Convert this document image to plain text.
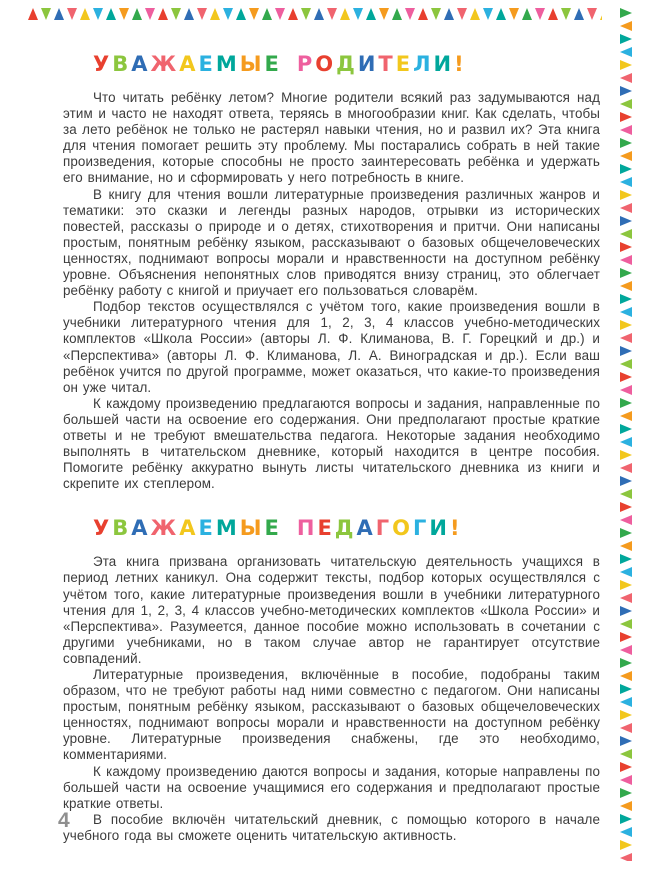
УВАЖАЕМЫЕ РОДИТЕЛИ!

Что читать ребёнку летом? Многие родители всякий раз задумываются над этим и часто не находят ответа, теряясь в многообразии книг. Как сделать, чтобы за лето ребёнок не только не растерял навыки чтения, но и развил их? Эта книга для чтения помогает решить эту проблему. Мы постарались собрать в ней такие произведения, которые способны не просто заинтересовать ребёнка и удержать его внимание, но и сформировать у него потребность в книге.

В книгу для чтения вошли литературные произведения различных жанров и тематики: это сказки и легенды разных народов, отрывки из исторических повестей, рассказы о природе и о детях, стихотворения и притчи. Они написаны простым, понятным ребёнку языком, рассказывают о базовых общечеловеческих ценностях, поднимают вопросы морали и нравственности на доступном ребёнку уровне. Объяснения непонятных слов приводятся внизу страниц, это облегчает ребёнку работу с книгой и приучает его пользоваться словарём.

Подбор текстов осуществлялся с учётом того, какие произведения вошли в учебники литературного чтения для 1, 2, 3, 4 классов учебно-методических комплектов «Школа России» (авторы Л. Ф. Климанова, В. Г. Горецкий и др.) и «Перспектива» (авторы Л. Ф. Климанова, Л. А. Виноградская и др.). Если ваш ребёнок учится по другой программе, может оказаться, что какие-то произведения он уже читал.

К каждому произведению предлагаются вопросы и задания, направленные по большей части на освоение его содержания. Они предполагают простые краткие ответы и не требуют вмешательства педагога. Некоторые задания необходимо выполнять в читательском дневнике, который находится в центре пособия. Помогите ребёнку аккуратно вынуть листы читательского дневника из книги и скрепите их степлером.

УВАЖАЕМЫЕ ПЕДАГОГИ!

Эта книга призвана организовать читательскую деятельность учащихся в период летних каникул. Она содержит тексты, подбор которых осуществлялся с учётом того, какие литературные произведения вошли в учебники литературного чтения для 1, 2, 3, 4 классов учебно-методических комплектов «Школа России» и «Перспектива». Разумеется, данное пособие можно использовать в сочетании с другими учебниками, но в таком случае автор не гарантирует отсутствие совпадений.

Литературные произведения, включённые в пособие, подобраны таким образом, что не требуют работы над ними совместно с педагогом. Они написаны простым, понятным ребёнку языком, рассказывают о базовых общечеловеческих ценностях, поднимают вопросы морали и нравственности на доступном ребёнку уровне. Литературные произведения снабжены, где это необходимо, комментариями.

К каждому произведению даются вопросы и задания, которые направлены по большей части на освоение учащимися его содержания и предполагают простые краткие ответы.

В пособие включён читательский дневник, с помощью которого в начале учебного года вы сможете оценить читательскую активность.

4
